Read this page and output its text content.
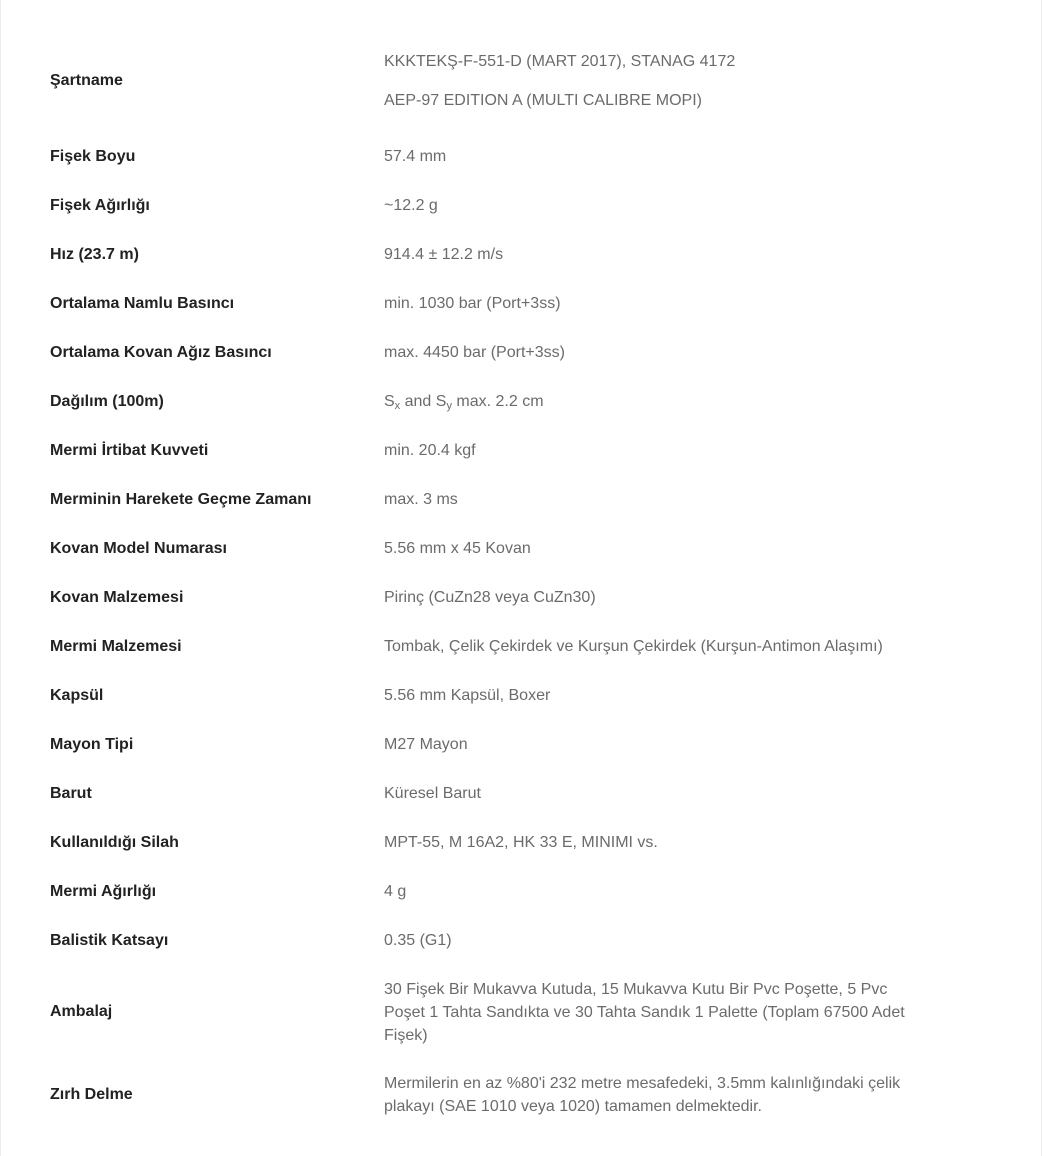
Şartname	KKKTEKŞ-F-551-D (MART 2017), STANAG 4172
AEP-97 EDITION A (MULTI CALIBRE MOPI)

Fişek Boyu	57.4 mm
Fişek Ağırlığı	~12.2 g
Hız (23.7 m)	914.4 ± 12.2 m/s
Ortalama Namlu Basıncı	min. 1030 bar (Port+3ss)
Ortalama Kovan Ağız Basıncı	max. 4450 bar (Port+3ss)
Dağılım (100m)	$S_x$ and $S_y$ max. 2.2 cm
Mermi İrtibat Kuvveti	min. 20.4 kgf
Merminin Harekete Geçme Zamanı	max. 3 ms
Kovan Model Numarası	5.56 mm x 45 Kovan
Kovan Malzemesi	Pirinç (CuZn28 veya CuZn30)
Mermi Malzemesi	Tombak, Çelik Çekirdek ve Kurşun Çekirdek (Kurşun-Antimon Alaşımı)
Kapsül	5.56 mm Kapsül, Boxer
Mayon Tipi	M27 Mayon
Barut	Küresel Barut
Kullanıldığı Silah	MPT-55, M 16A2, HK 33 E, MINIMI vs.
Mermi Ağırlığı	4 g
Balistik Katsayı	0.35 (G1)
Ambalaj	30 Fişek Bir Mukavva Kutuda, 15 Mukavva Kutu Bir Pvc Poşette, 5 Pvc Poşet 1 Tahta Sandıkta ve 30 Tahta Sandık 1 Palette (Toplam 67500 Adet Fişek)

Zırh Delme	Mermilerin en az %80'i 232 metre mesafedeki, 3.5mm kalınlığındaki çelik plakayı (SAE 1010 veya 1020) tamamen delmektedir.
